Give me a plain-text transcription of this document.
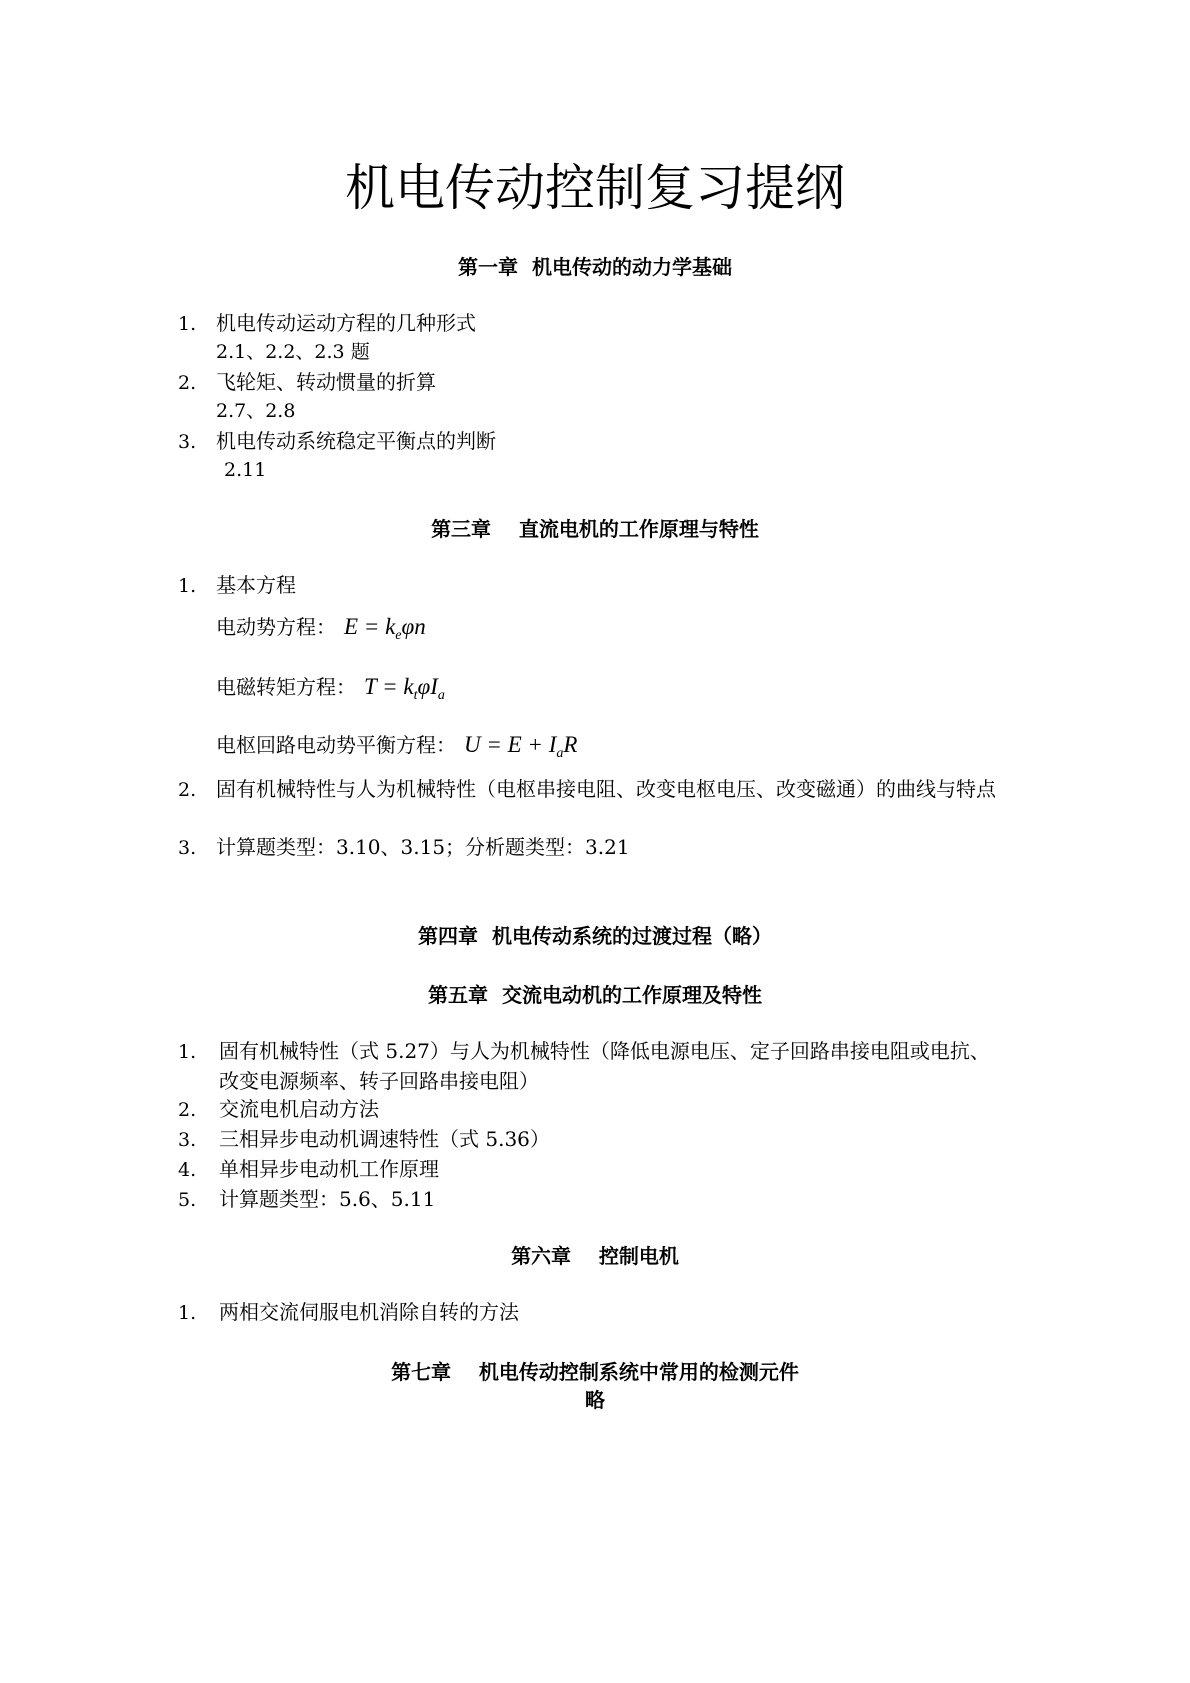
机电传动控制复习提纲
第一章  机电传动的动力学基础
1. 机电传动运动方程的几种形式
2.1、2.2、2.3 题
2. 飞轮矩、转动惯量的折算
2.7、2.8
3. 机电传动系统稳定平衡点的判断
2.11
第三章    直流电机的工作原理与特性
1. 基本方程
电动势方程： $E = k_e\varphi n$
电磁转矩方程： $T = k_t\varphi I_a$
电枢回路电动势平衡方程： $U = E + I_aR$
2. 固有机械特性与人为机械特性（电枢串接电阻、改变电枢电压、改变磁通）的曲线与特点
3. 计算题类型：3.10、3.15；分析题类型：3.21
第四章  机电传动系统的过渡过程（略）
第五章  交流电动机的工作原理及特性
1. 固有机械特性（式 5.27）与人为机械特性（降低电源电压、定子回路串接电阻或电抗、
改变电源频率、转子回路串接电阻）
2. 交流电机启动方法
3. 三相异步电动机调速特性（式 5.36）
4. 单相异步电动机工作原理
5. 计算题类型：5.6、5.11
第六章    控制电机
1. 两相交流伺服电机消除自转的方法
第七章    机电传动控制系统中常用的检测元件
略
